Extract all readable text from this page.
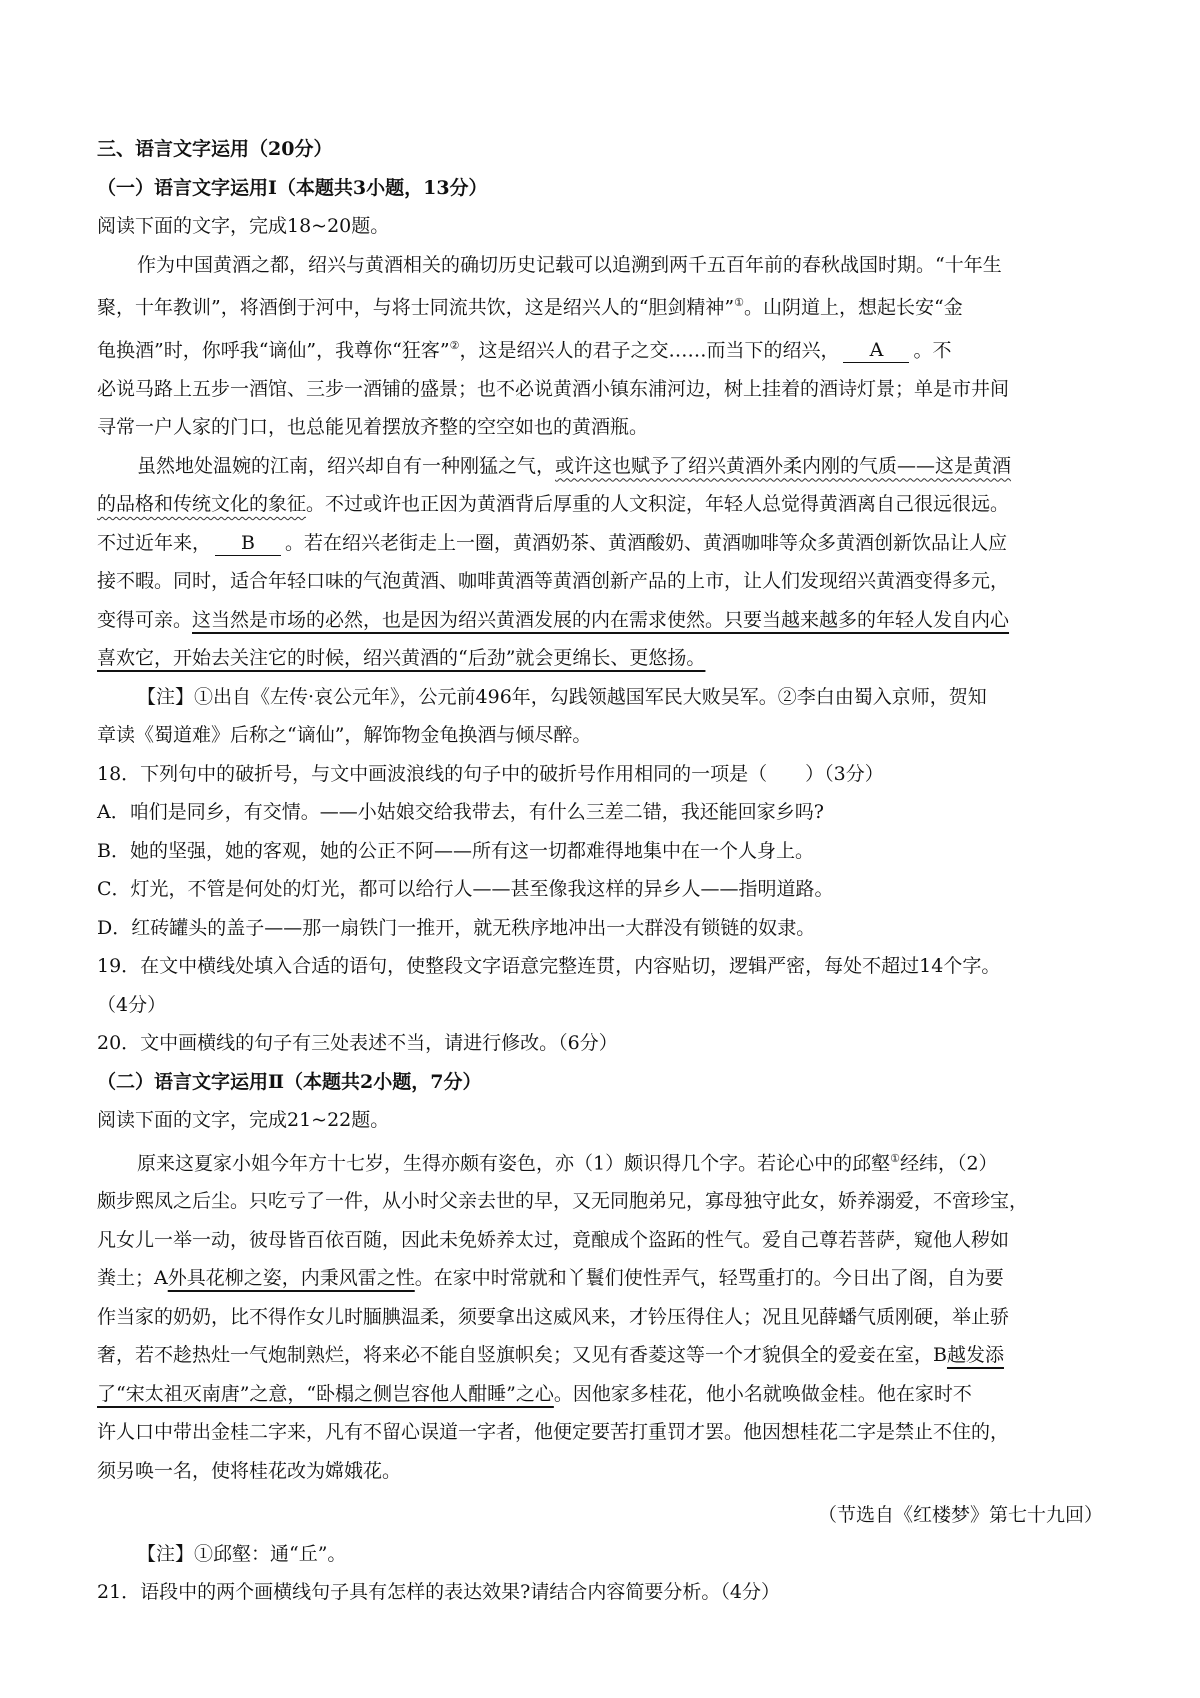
三、语言文字运用（20分）
（一）语言文字运用Ⅰ（本题共3小题，13分）
阅读下面的文字，完成18~20题。
作为中国黄酒之都，绍兴与黄酒相关的确切历史记载可以追溯到两千五百年前的春秋战国时期。“十年生
聚，十年教训”，将酒倒于河中，与将士同流共饮，这是绍兴人的“胆剑精神”①。山阴道上，想起长安“金
龟换酒”时，你呼我“谪仙”，我尊你“狂客”②，这是绍兴人的君子之交……而当下的绍兴， A 。不
必说马路上五步一酒馆、三步一酒铺的盛景；也不必说黄酒小镇东浦河边，树上挂着的酒诗灯景；单是市井间
寻常一户人家的门口，也总能见着摆放齐整的空空如也的黄酒瓶。
虽然地处温婉的江南，绍兴却自有一种刚猛之气，或许这也赋予了绍兴黄酒外柔内刚的气质——这是黄酒
的品格和传统文化的象征。不过或许也正因为黄酒背后厚重的人文积淀，年轻人总觉得黄酒离自己很远很远。
不过近年来， B 。若在绍兴老街走上一圈，黄酒奶茶、黄酒酸奶、黄酒咖啡等众多黄酒创新饮品让人应
接不暇。同时，适合年轻口味的气泡黄酒、咖啡黄酒等黄酒创新产品的上市，让人们发现绍兴黄酒变得多元，
变得可亲。这当然是市场的必然，也是因为绍兴黄酒发展的内在需求使然。只要当越来越多的年轻人发自内心
喜欢它，开始去关注它的时候，绍兴黄酒的“后劲”就会更绵长、更悠扬。
【注】①出自《左传·哀公元年》，公元前496年，勾践领越国军民大败吴军。②李白由蜀入京师，贺知
章读《蜀道难》后称之“谪仙”，解饰物金龟换酒与倾尽醉。
18．下列句中的破折号，与文中画波浪线的句子中的破折号作用相同的一项是（　　）（3分）
A．咱们是同乡，有交情。——小姑娘交给我带去，有什么三差二错，我还能回家乡吗?
B．她的坚强，她的客观，她的公正不阿——所有这一切都难得地集中在一个人身上。
C．灯光，不管是何处的灯光，都可以给行人——甚至像我这样的异乡人——指明道路。
D．红砖罐头的盖子——那一扇铁门一推开，就无秩序地冲出一大群没有锁链的奴隶。
19．在文中横线处填入合适的语句，使整段文字语意完整连贯，内容贴切，逻辑严密，每处不超过14个字。
（4分）
20．文中画横线的句子有三处表述不当，请进行修改。（6分）
（二）语言文字运用Ⅱ（本题共2小题，7分）
阅读下面的文字，完成21~22题。
原来这夏家小姐今年方十七岁，生得亦颇有姿色，亦（1）颇识得几个字。若论心中的邱壑①经纬，（2）
颇步熙凤之后尘。只吃亏了一件，从小时父亲去世的早，又无同胞弟兄，寡母独守此女，娇养溺爱，不啻珍宝，
凡女儿一举一动，彼母皆百依百随，因此未免娇养太过，竟酿成个盗跖的性气。爱自己尊若菩萨，窥他人秽如
粪土；A外具花柳之姿，内秉风雷之性。在家中时常就和丫鬟们使性弄气，轻骂重打的。今日出了阁，自为要
作当家的奶奶，比不得作女儿时腼腆温柔，须要拿出这威风来，才钤压得住人；况且见薛蟠气质刚硬，举止骄
奢，若不趁热灶一气炮制熟烂，将来必不能自竖旗帜矣；又见有香菱这等一个才貌俱全的爱妾在室，B越发添
了“宋太祖灭南唐”之意，“卧榻之侧岂容他人酣睡”之心。因他家多桂花，他小名就唤做金桂。他在家时不
许人口中带出金桂二字来，凡有不留心误道一字者，他便定要苦打重罚才罢。他因想桂花二字是禁止不住的，
须另唤一名，使将桂花改为嫦娥花。
（节选自《红楼梦》第七十九回）
【注】①邱壑：通“丘”。
21．语段中的两个画横线句子具有怎样的表达效果?请结合内容简要分析。（4分）
